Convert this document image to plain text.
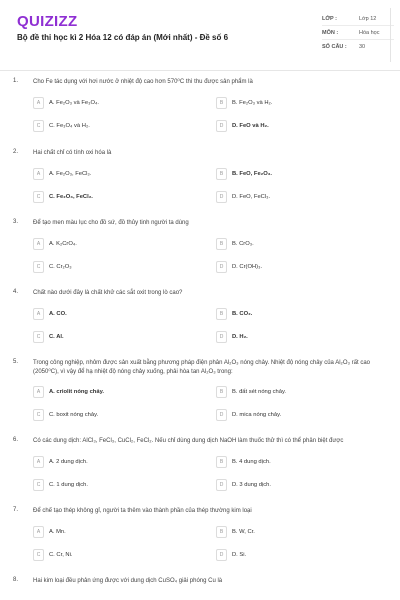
QUIZIZZ
Bộ đề thi học kì 2 Hóa 12 có đáp án (Mới nhất) - Đề số 6
LỚP :	Lớp 12
MÔN :	Hóa học
SỐ CÂU :	30
1. Cho Fe tác dụng với hơi nước ở nhiệt độ cao hơn 570⁰C thì thu được sản phẩm là
A	A. Fe₂O₃ và Fe₃O₄.	B	B. Fe₂O₃ và H₂.
C	C. Fe₃O₄ và H₂.	D	D. FeO và H₂.
2. Hai chất chỉ có tính oxi hóa là
A	A. Fe₂O₃, FeCl₃.	B	B. FeO, Fe₂O₃.
C	C. Fe₂O₃, FeCl₂.	D	D. FeO, FeCl₃.
3. Để tạo men màu lục cho đồ sứ, đồ thủy tinh người ta dùng
A	A. K₂CrO₄.	B	B. CrO₃.
C	C. Cr₂O₃	D	D. Cr(OH)₃.
4. Chất nào dưới đây là chất khử các sắt oxit trong lò cao?
A	A. CO.	B	B. CO₂.
C	C. Al.	D	D. H₂.
5. Trong công nghiệp, nhôm được sản xuất bằng phương pháp điện phân Al₂O₃ nóng chảy. Nhiệt độ nóng chảy của Al₂O₃ rất cao (2050⁰C), vì vậy để hạ nhiệt độ nóng chảy xuống, phải hòa tan Al₂O₃ trong:
A	A. criolit nóng chảy.	B	B. đất sét nóng chảy.
C	C. boxit nóng chảy.	D	D. mica nóng chảy.
6. Có các dung dịch: AlCl₃, FeCl₃, CuCl₂, FeCl₂. Nếu chỉ dùng dung dịch NaOH làm thuốc thử thì có thể phân biệt được
A	A. 2 dung dịch.	B	B. 4 dung dịch.
C	C. 1 dung dịch.	D	D. 3 dung dịch.
7. Để chế tạo thép không gỉ, người ta thêm vào thành phần của thép thường kim loại
A	A. Mn.	B	B. W, Cr.
C	C. Cr, Ni.	D	D. Si.
8. Hai kim loại đều phản ứng được với dung dịch CuSO₄ giải phóng Cu là
